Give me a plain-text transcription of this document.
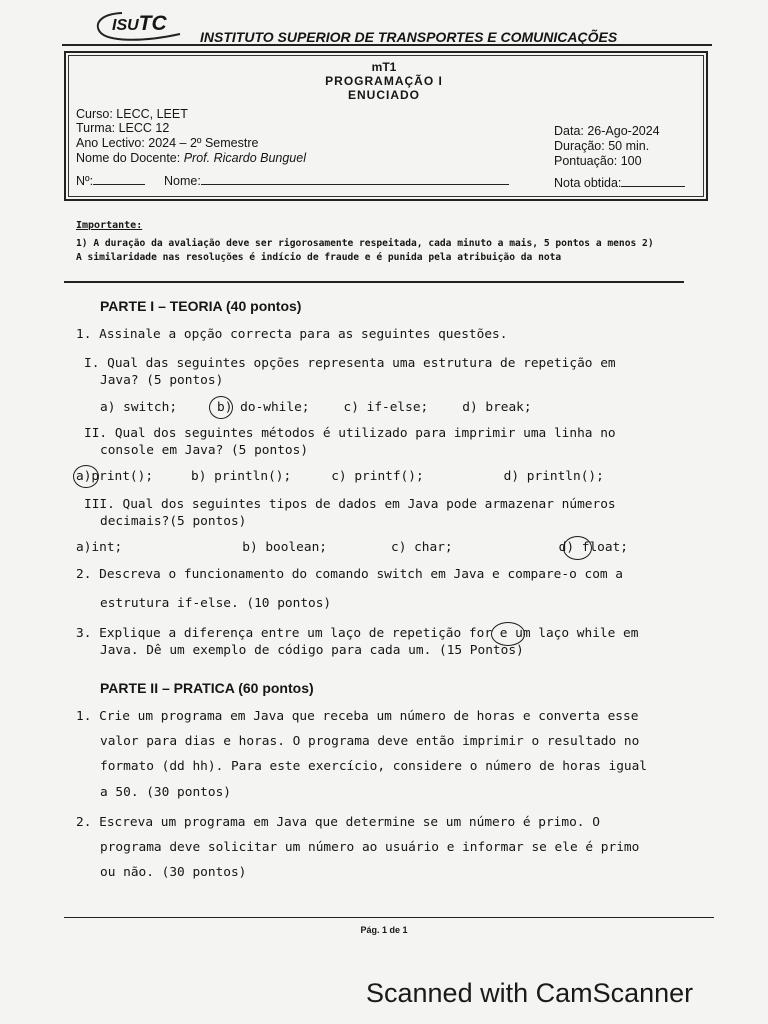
ISUTC
INSTITUTO SUPERIOR DE TRANSPORTES E COMUNICAÇÕES
mT1
PROGRAMAÇÃO I
ENUCIADO
Curso: LECC, LEET
Turma: LECC 12
Ano Lectivo: 2024 – 2º Semestre
Nome do Docente: Prof. Ricardo Bunguel
Nº:	Nome:
Data: 26-Ago-2024
Duração: 50 min.
Pontuação: 100
Nota obtida:
Importante:
1) A duração da avaliação deve ser rigorosamente respeitada, cada minuto a mais, 5 pontos a menos 2)
A similaridade nas resoluções é indício de fraude e é punida pela atribuição da nota
PARTE I – TEORIA (40 pontos)
1. Assinale a opção correcta para as seguintes questões.
I. Qual das seguintes opções representa uma estrutura de repetição em
Java? (5 pontos)
a) switch;	b) do-while;	c) if-else;	d) break;
II. Qual dos seguintes métodos é utilizado para imprimir uma linha no
console em Java? (5 pontos)
a)print();	b) println();	c) printf();	d) println();
III. Qual dos seguintes tipos de dados em Java pode armazenar números
decimais?(5 pontos)
a)int;	b) boolean;	c) char;	d) float;
2. Descreva o funcionamento do comando switch em Java e compare-o com a
estrutura if-else. (10 pontos)
3. Explique a diferença entre um laço de repetição for e um laço while em
Java. Dê um exemplo de código para cada um. (15 Pontos)
PARTE II – PRATICA (60 pontos)
1. Crie um programa em Java que receba um número de horas e converta esse
valor para dias e horas. O programa deve então imprimir o resultado no
formato (dd hh). Para este exercício, considere o número de horas igual
a 50. (30 pontos)
2. Escreva um programa em Java que determine se um número é primo. O
programa deve solicitar um número ao usuário e informar se ele é primo
ou não. (30 pontos)
Pág. 1 de 1
Scanned with CamScanner
